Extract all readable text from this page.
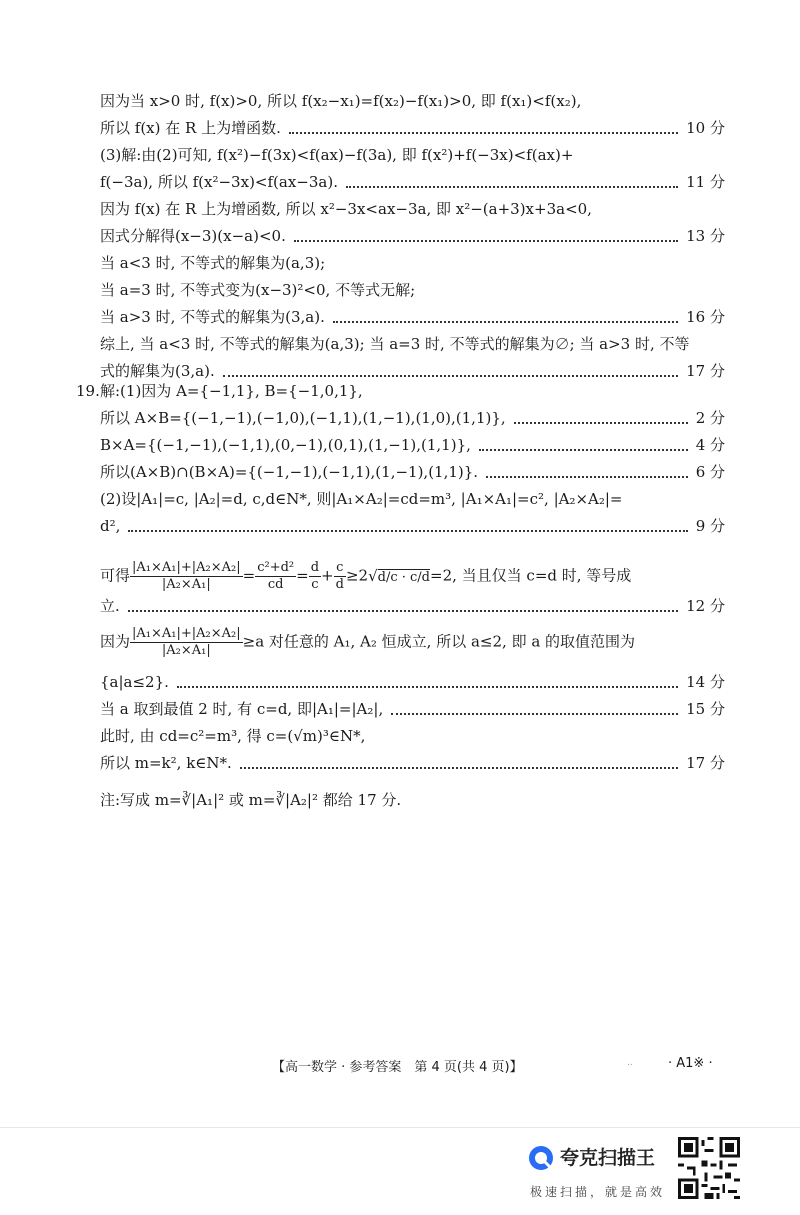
因为当 x>0 时, f(x)>0, 所以 f(x₂−x₁)=f(x₂)−f(x₁)>0, 即 f(x₁)<f(x₂),
所以 f(x) 在 R 上为增函数.	10 分
(3)解:由(2)可知, f(x²)−f(3x)<f(ax)−f(3a), 即 f(x²)+f(−3x)<f(ax)+
f(−3a), 所以 f(x²−3x)<f(ax−3a).	11 分
因为 f(x) 在 R 上为增函数, 所以 x²−3x<ax−3a, 即 x²−(a+3)x+3a<0,
因式分解得(x−3)(x−a)<0.	13 分
当 a<3 时, 不等式的解集为(a,3);
当 a=3 时, 不等式变为(x−3)²<0, 不等式无解;
当 a>3 时, 不等式的解集为(3,a).	16 分
综上, 当 a<3 时, 不等式的解集为(a,3); 当 a=3 时, 不等式的解集为∅; 当 a>3 时, 不等
式的解集为(3,a).	17 分
解:(1)因为 A={−1,1}, B={−1,0,1},
所以 A×B={(−1,−1),(−1,0),(−1,1),(1,−1),(1,0),(1,1)},	2 分
B×A={(−1,−1),(−1,1),(0,−1),(0,1),(1,−1),(1,1)},	4 分
所以(A×B)∩(B×A)={(−1,−1),(−1,1),(1,−1),(1,1)}.	6 分
(2)设|A₁|=c, |A₂|=d, c,d∈N*, 则|A₁×A₂|=cd=m³, |A₁×A₁|=c², |A₂×A₂|=
d²,	9 分
立.	12 分
{a|a≤2}.	14 分
当 a 取到最值 2 时, 有 c=d, 即|A₁|=|A₂|,	15 分
此时, 由 cd=c²=m³, 得 c=(√m)³∈N*,
所以 m=k², k∈N*.	17 分
注:写成 m=∛|A₁|² 或 m=∛|A₂|² 都给 17 分.
19.
可得 $\frac{\text{|A₁×A₁|+|A₂×A₂|}}{\text{|A₂×A₁|}} = \frac{\text{c²+d²}}{cd} = \frac{d}{c} + \frac{c}{d} \ge 2√d/c \cdot c/d=2$, 当且仅当 c=d 时, 等号成
因为 $\frac{\text{|A₁×A₁|+|A₂×A₂|}}{\text{|A₂×A₁|}} \ge a$ 对任意的 A₁, A₂ 恒成立, 所以 a≤2, 即 a 的取值范围为
【高一数学 · 参考答案　第 4 页(共 4 页)】	..	· A1※ ·
夸克扫描王
极速扫描，就是高效
